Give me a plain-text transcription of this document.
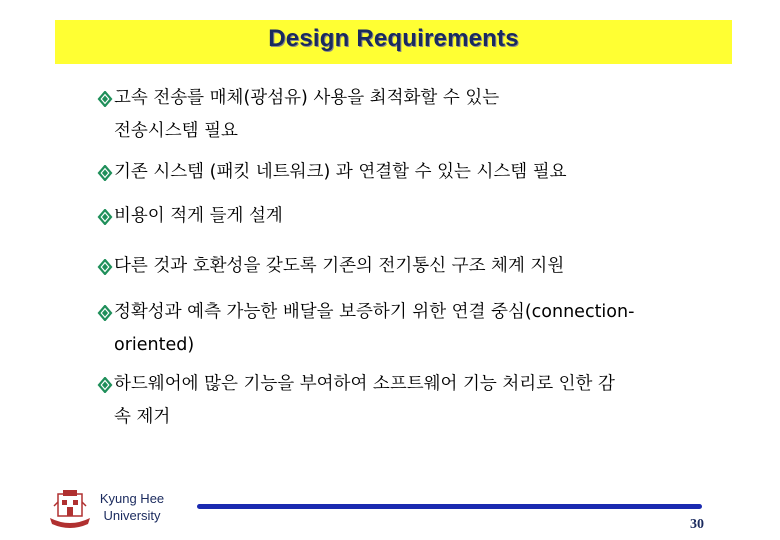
Design Requirements
고속 전송를 매체(광섬유) 사용을 최적화할 수 있는
전송시스템 필요
기존 시스템 (패킷 네트워크) 과 연결할 수 있는 시스템 필요
비용이 적게 들게 설계
다른 것과 호환성을 갖도록 기존의 전기통신 구조 체계 지원
정확성과 예측 가능한 배달을 보증하기 위한 연결 중심(connection-
oriented)
하드웨어에 많은 기능을 부여하여 소프트웨어 기능 처리로 인한 감
속 제거
Kyung Hee
University
30
